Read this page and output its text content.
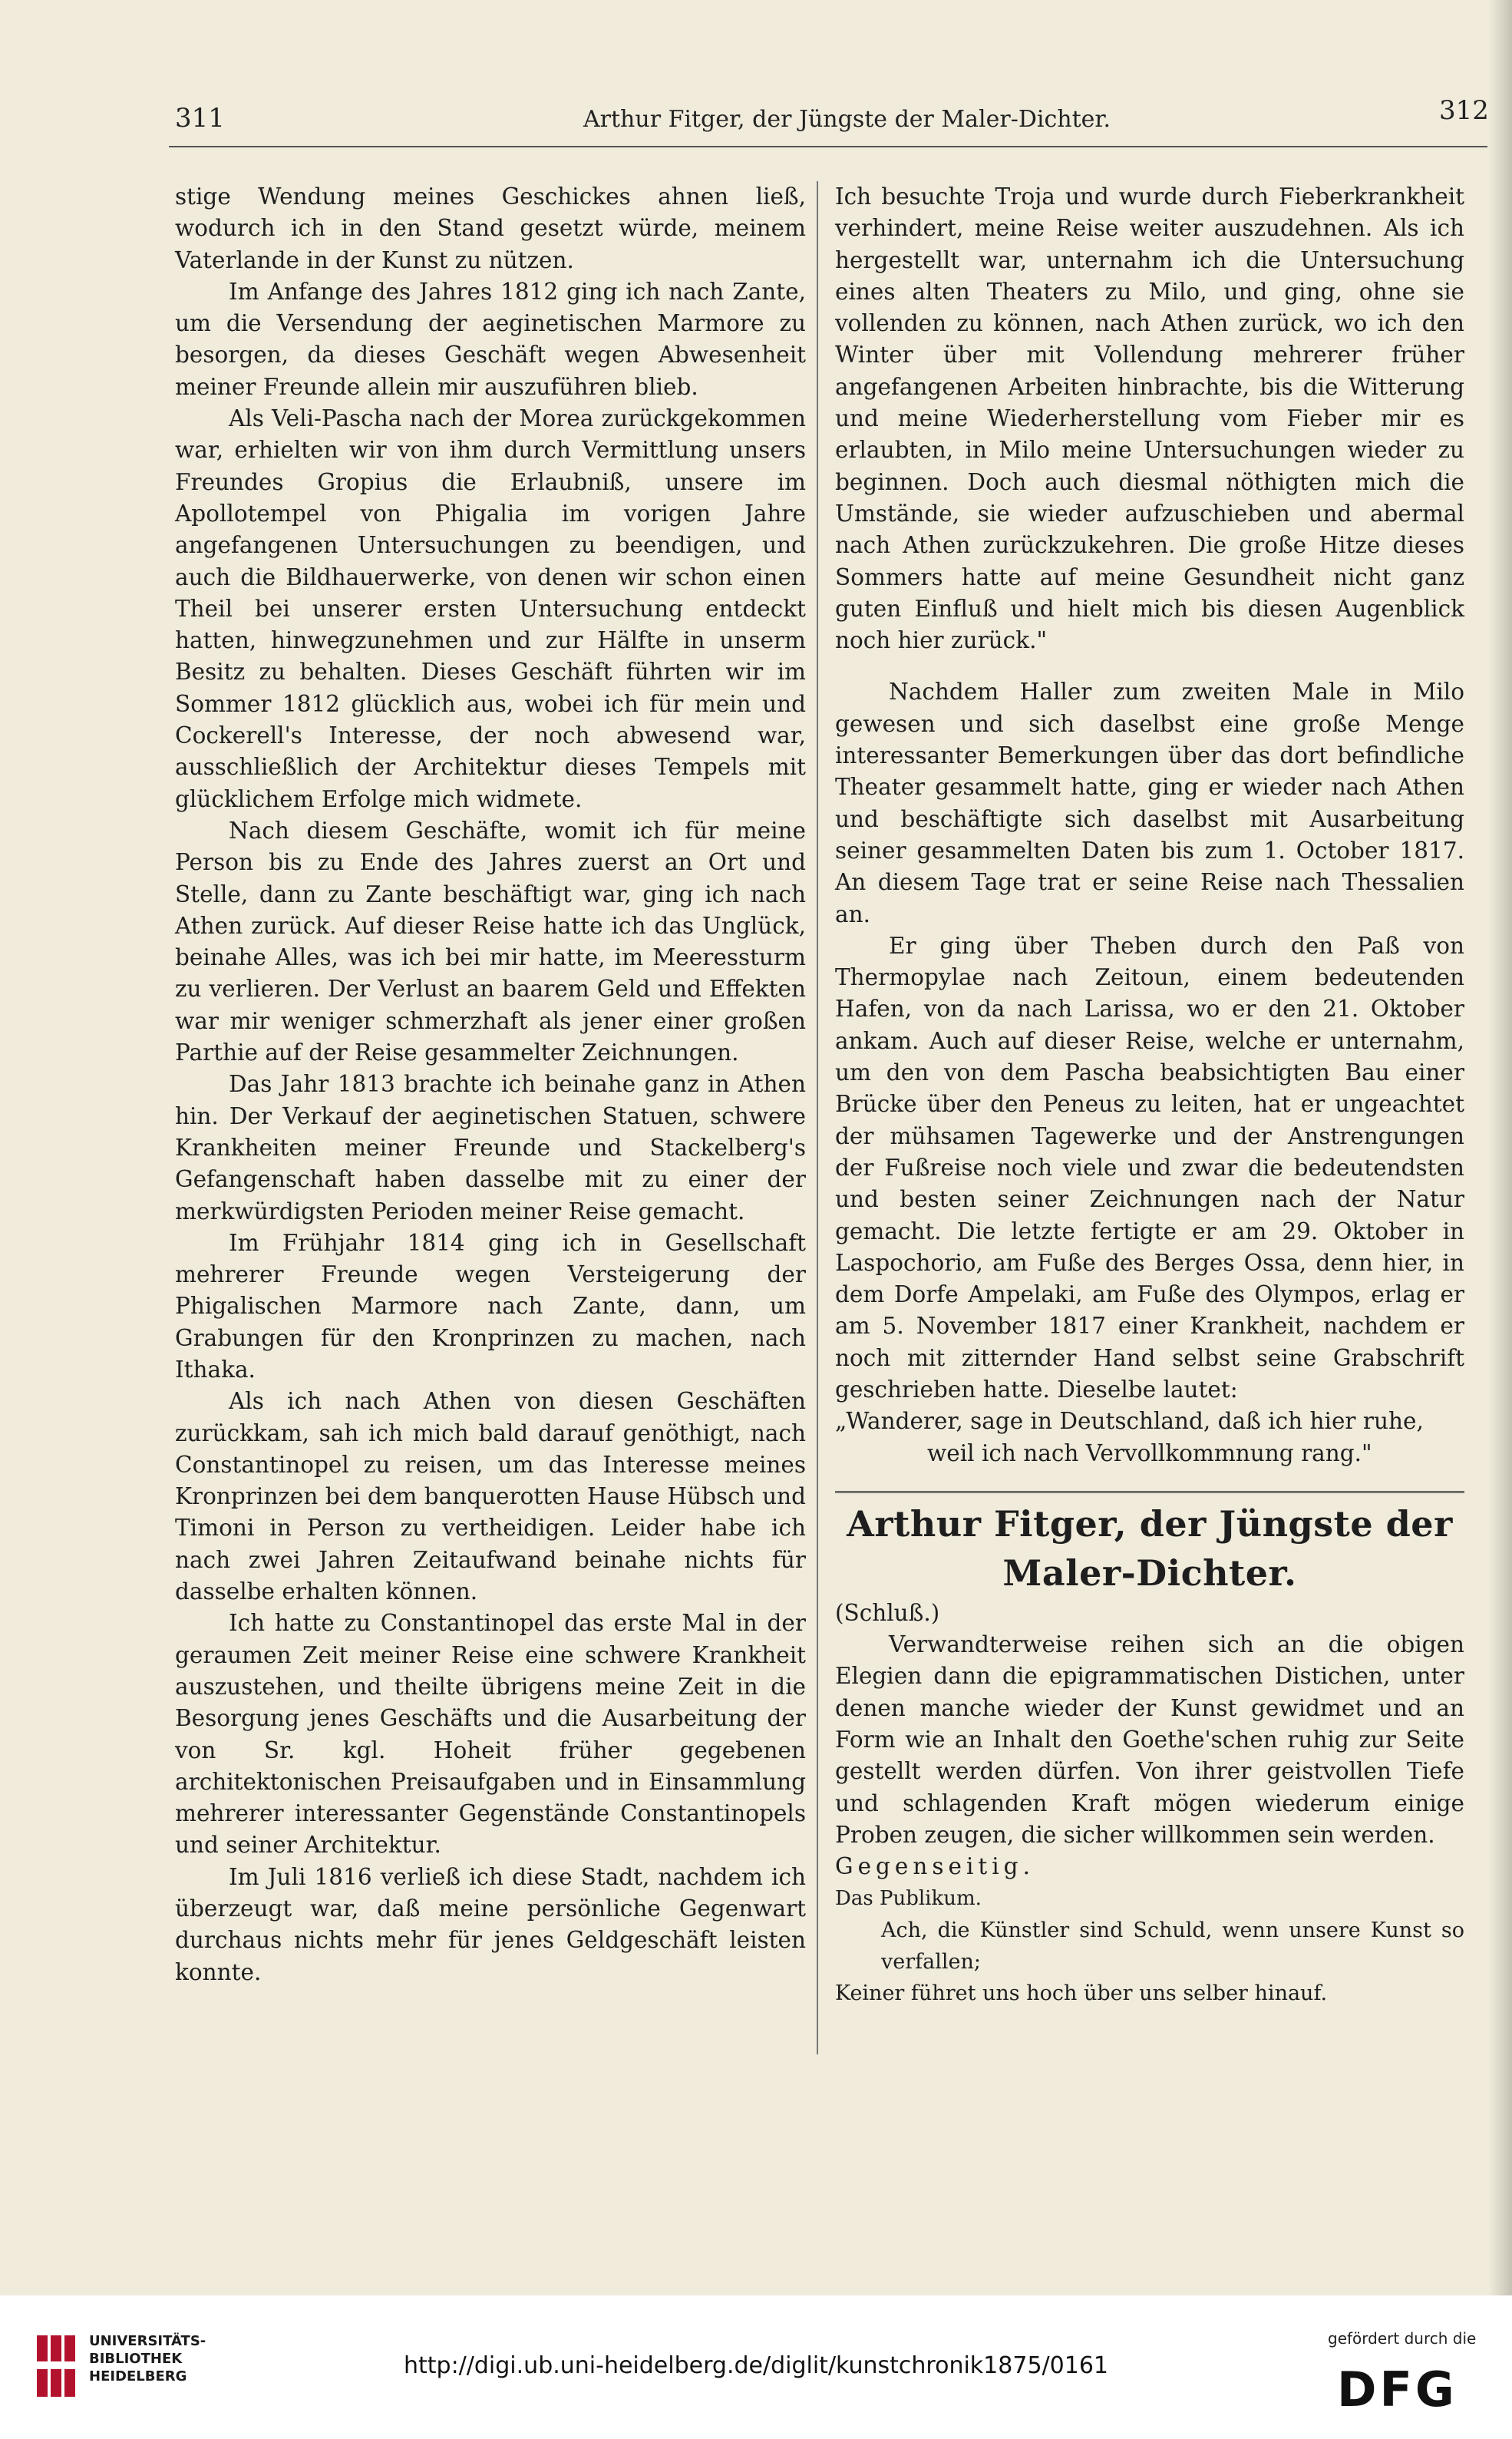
311	Arthur Fitger, der Jüngste der Maler-Dichter.	312

stige Wendung meines Geschickes ahnen ließ, wodurch ich in den Stand gesetzt würde, meinem Vaterlande in der Kunst zu nützen.

Im Anfange des Jahres 1812 ging ich nach Zante, um die Versendung der aeginetischen Marmore zu besorgen, da dieses Geschäft wegen Abwesenheit meiner Freunde allein mir auszuführen blieb.

Als Veli-Pascha nach der Morea zurückgekommen war, erhielten wir von ihm durch Vermittlung unsers Freundes Gropius die Erlaubniß, unsere im Apollotempel von Phigalia im vorigen Jahre angefangenen Untersuchungen zu beendigen, und auch die Bildhauerwerke, von denen wir schon einen Theil bei unserer ersten Untersuchung entdeckt hatten, hinwegzunehmen und zur Hälfte in unserm Besitz zu behalten. Dieses Geschäft führten wir im Sommer 1812 glücklich aus, wobei ich für mein und Cockerell's Interesse, der noch abwesend war, ausschließlich der Architektur dieses Tempels mit glücklichem Erfolge mich widmete.

Nach diesem Geschäfte, womit ich für meine Person bis zu Ende des Jahres zuerst an Ort und Stelle, dann zu Zante beschäftigt war, ging ich nach Athen zurück. Auf dieser Reise hatte ich das Unglück, beinahe Alles, was ich bei mir hatte, im Meeressturm zu verlieren. Der Verlust an baarem Geld und Effekten war mir weniger schmerzhaft als jener einer großen Parthie auf der Reise gesammelter Zeichnungen.

Das Jahr 1813 brachte ich beinahe ganz in Athen hin. Der Verkauf der aeginetischen Statuen, schwere Krankheiten meiner Freunde und Stackelberg's Gefangenschaft haben dasselbe mit zu einer der merkwürdigsten Perioden meiner Reise gemacht.

Im Frühjahr 1814 ging ich in Gesellschaft mehrerer Freunde wegen Versteigerung der Phigalischen Marmore nach Zante, dann, um Grabungen für den Kronprinzen zu machen, nach Ithaka.

Als ich nach Athen von diesen Geschäften zurückkam, sah ich mich bald darauf genöthigt, nach Constantinopel zu reisen, um das Interesse meines Kronprinzen bei dem banquerotten Hause Hübsch und Timoni in Person zu vertheidigen. Leider habe ich nach zwei Jahren Zeitaufwand beinahe nichts für dasselbe erhalten können.

Ich hatte zu Constantinopel das erste Mal in der geraumen Zeit meiner Reise eine schwere Krankheit auszustehen, und theilte übrigens meine Zeit in die Besorgung jenes Geschäfts und die Ausarbeitung der von Sr. kgl. Hoheit früher gegebenen architektonischen Preisaufgaben und in Einsammlung mehrerer interessanter Gegenstände Constantinopels und seiner Architektur.

Im Juli 1816 verließ ich diese Stadt, nachdem ich überzeugt war, daß meine persönliche Gegenwart durchaus nichts mehr für jenes Geldgeschäft leisten konnte.

Ich besuchte Troja und wurde durch Fieberkrankheit verhindert, meine Reise weiter auszudehnen. Als ich hergestellt war, unternahm ich die Untersuchung eines alten Theaters zu Milo, und ging, ohne sie vollenden zu können, nach Athen zurück, wo ich den Winter über mit Vollendung mehrerer früher angefangenen Arbeiten hinbrachte, bis die Witterung und meine Wiederherstellung vom Fieber mir es erlaubten, in Milo meine Untersuchungen wieder zu beginnen. Doch auch diesmal nöthigten mich die Umstände, sie wieder aufzuschieben und abermal nach Athen zurückzukehren. Die große Hitze dieses Sommers hatte auf meine Gesundheit nicht ganz guten Einfluß und hielt mich bis diesen Augenblick noch hier zurück."

Nachdem Haller zum zweiten Male in Milo gewesen und sich daselbst eine große Menge interessanter Bemerkungen über das dort befindliche Theater gesammelt hatte, ging er wieder nach Athen und beschäftigte sich daselbst mit Ausarbeitung seiner gesammelten Daten bis zum 1. October 1817. An diesem Tage trat er seine Reise nach Thessalien an.

Er ging über Theben durch den Paß von Thermopylae nach Zeitoun, einem bedeutenden Hafen, von da nach Larissa, wo er den 21. Oktober ankam. Auch auf dieser Reise, welche er unternahm, um den von dem Pascha beabsichtigten Bau einer Brücke über den Peneus zu leiten, hat er ungeachtet der mühsamen Tagewerke und der Anstrengungen der Fußreise noch viele und zwar die bedeutendsten und besten seiner Zeichnungen nach der Natur gemacht. Die letzte fertigte er am 29. Oktober in Laspochorio, am Fuße des Berges Ossa, denn hier, in dem Dorfe Ampelaki, am Fuße des Olympos, erlag er am 5. November 1817 einer Krankheit, nachdem er noch mit zitternder Hand selbst seine Grabschrift geschrieben hatte. Dieselbe lautet:

„Wanderer, sage in Deutschland, daß ich hier ruhe,

weil ich nach Vervollkommnung rang."

Arthur Fitger, der Jüngste der Maler-Dichter.

(Schluß.)

Verwandterweise reihen sich an die obigen Elegien dann die epigrammatischen Distichen, unter denen manche wieder der Kunst gewidmet und an Form wie an Inhalt den Goethe'schen ruhig zur Seite gestellt werden dürfen. Von ihrer geistvollen Tiefe und schlagenden Kraft mögen wiederum einige Proben zeugen, die sicher willkommen sein werden.

Gegenseitig.

Das Publikum.

Ach, die Künstler sind Schuld, wenn unsere Kunst so verfallen;

Keiner führet uns hoch über uns selber hinauf.

UNIVERSITÄTS-
BIBLIOTHEK
HEIDELBERG	http://digi.ub.uni-heidelberg.de/diglit/kunstchronik1875/0161
gefördert durch die
DFG
